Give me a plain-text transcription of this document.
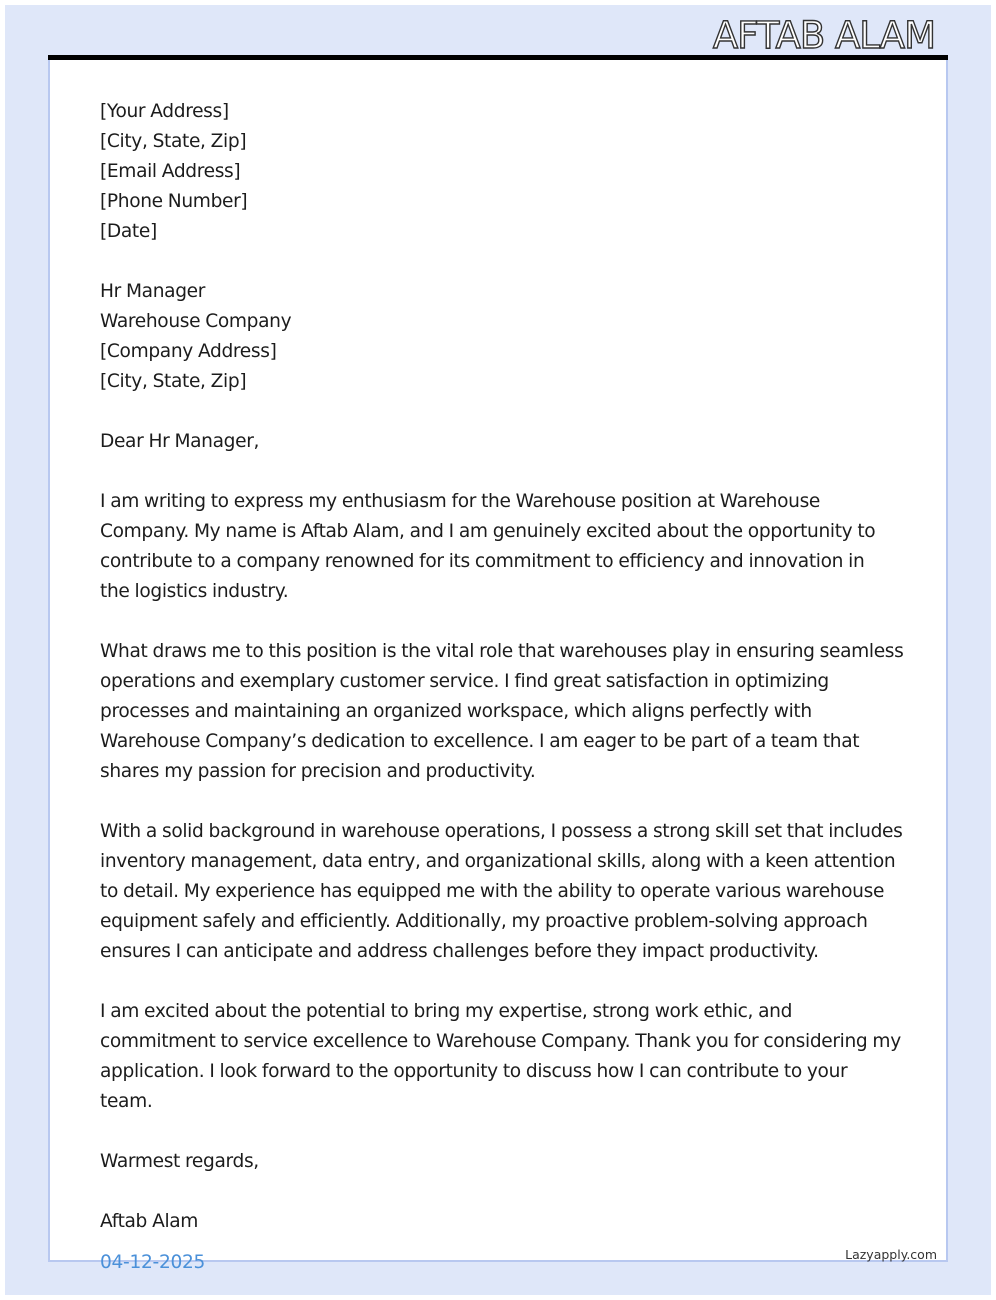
AFTAB ALAM
[Your Address]
[City, State, Zip]
[Email Address]
[Phone Number]
[Date]
Hr Manager
Warehouse Company
[Company Address]
[City, State, Zip]
Dear Hr Manager,
I am writing to express my enthusiasm for the Warehouse position at Warehouse
Company. My name is Aftab Alam, and I am genuinely excited about the opportunity to
contribute to a company renowned for its commitment to efficiency and innovation in
the logistics industry.
What draws me to this position is the vital role that warehouses play in ensuring seamless
operations and exemplary customer service. I find great satisfaction in optimizing
processes and maintaining an organized workspace, which aligns perfectly with
Warehouse Company’s dedication to excellence. I am eager to be part of a team that
shares my passion for precision and productivity.
With a solid background in warehouse operations, I possess a strong skill set that includes
inventory management, data entry, and organizational skills, along with a keen attention
to detail. My experience has equipped me with the ability to operate various warehouse
equipment safely and efficiently. Additionally, my proactive problem-solving approach
ensures I can anticipate and address challenges before they impact productivity.
I am excited about the potential to bring my expertise, strong work ethic, and
commitment to service excellence to Warehouse Company. Thank you for considering my
application. I look forward to the opportunity to discuss how I can contribute to your
team.
Warmest regards,
Aftab Alam
04-12-2025	Lazyapply.com
